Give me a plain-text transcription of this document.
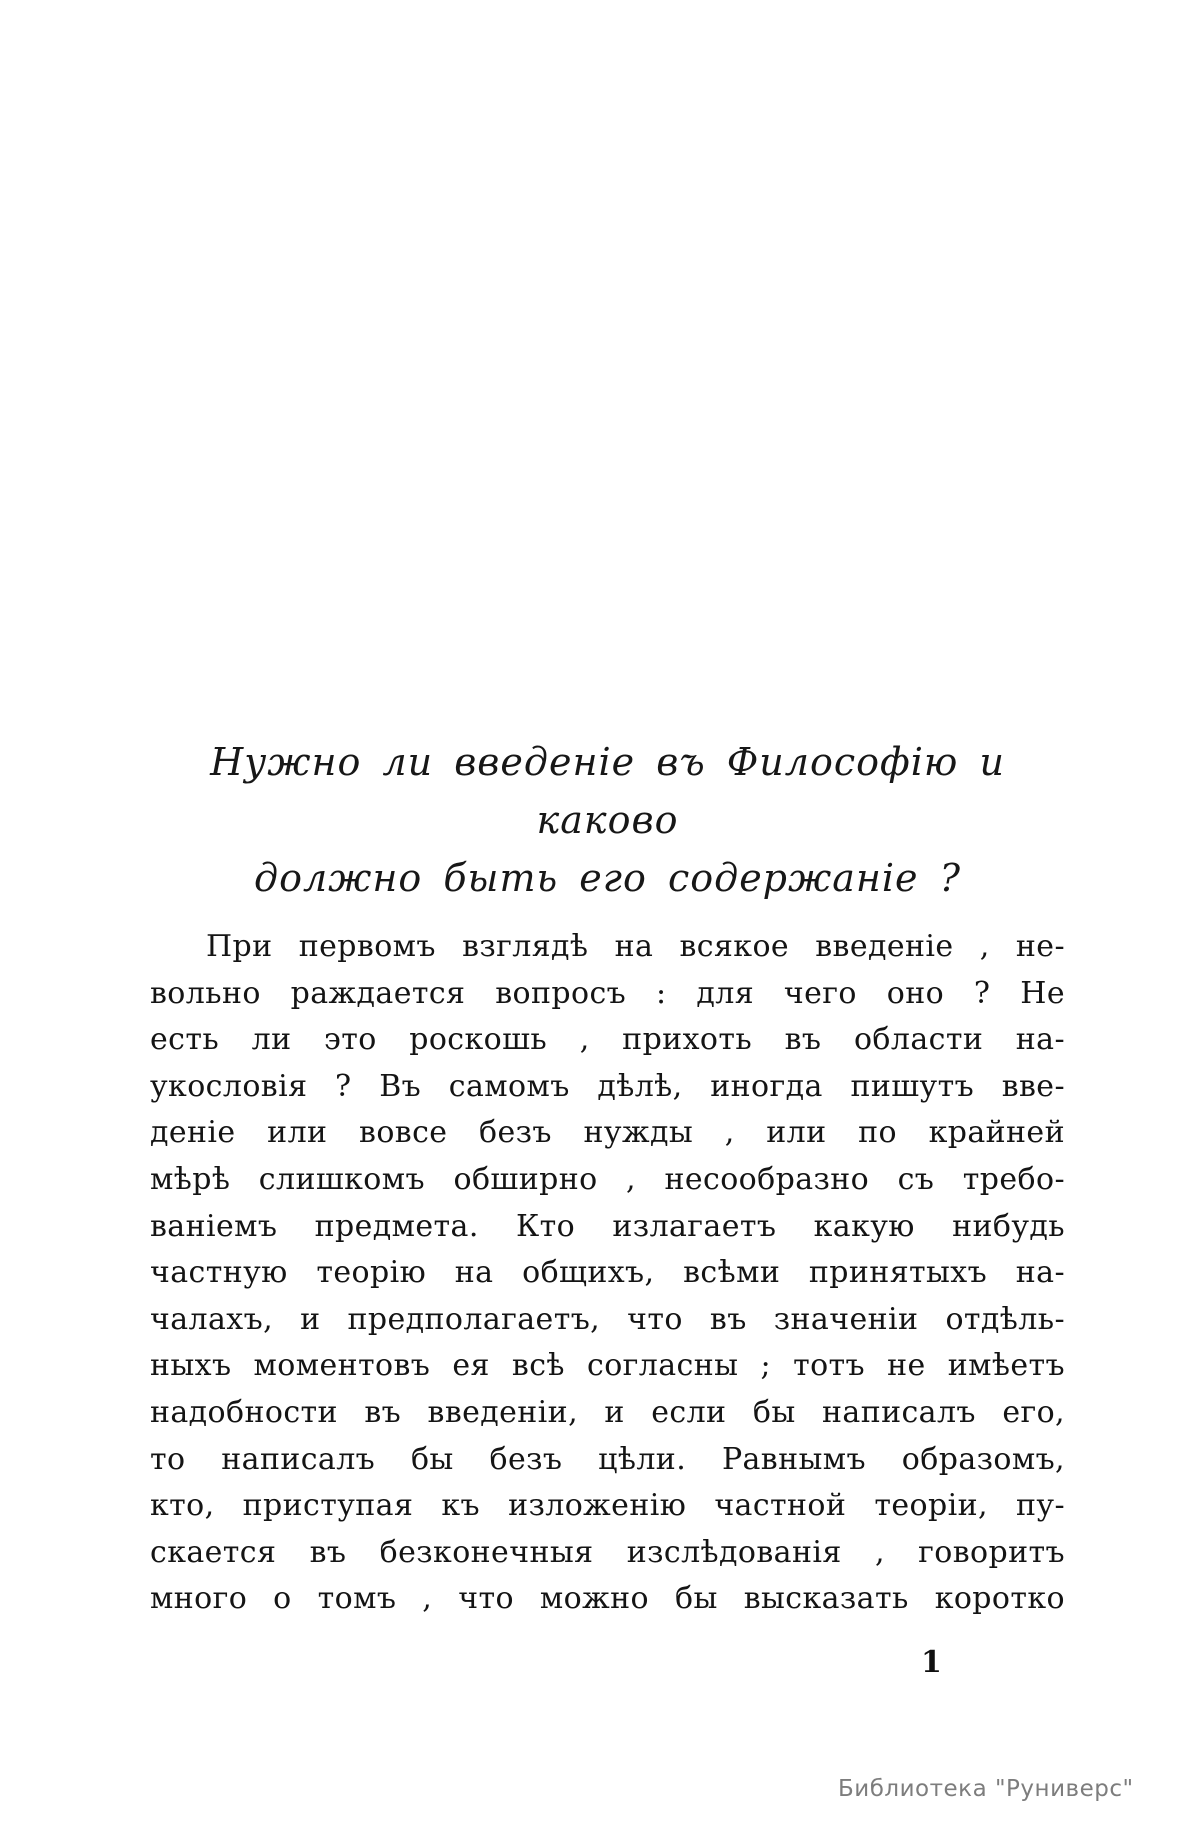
Нужно ли введеніе въ Философію и каково
должно быть его содержаніе ?
При первомъ взглядѣ на всякое введеніе , не-
вольно раждается вопросъ : для чего оно ? Не
есть ли это роскошь , прихоть въ области на-
укословія ? Въ самомъ дѣлѣ, иногда пишутъ вве-
деніе или вовсе безъ нужды , или по крайней
мѣрѣ слишкомъ обширно , несообразно съ требо-
ваніемъ предмета. Кто излагаетъ какую нибудь
частную теорію на общихъ, всѣми принятыхъ на-
чалахъ, и предполагаетъ, что въ значеніи отдѣль-
ныхъ моментовъ ея всѣ согласны ; тотъ не имѣетъ
надобности въ введеніи, и если бы написалъ его,
то написалъ бы безъ цѣли. Равнымъ образомъ,
кто, приступая къ изложенію частной теоріи, пу-
скается въ безконечныя изслѣдованія , говоритъ
много о томъ , что можно бы высказать коротко
1
Библиотека "Руниверс"
